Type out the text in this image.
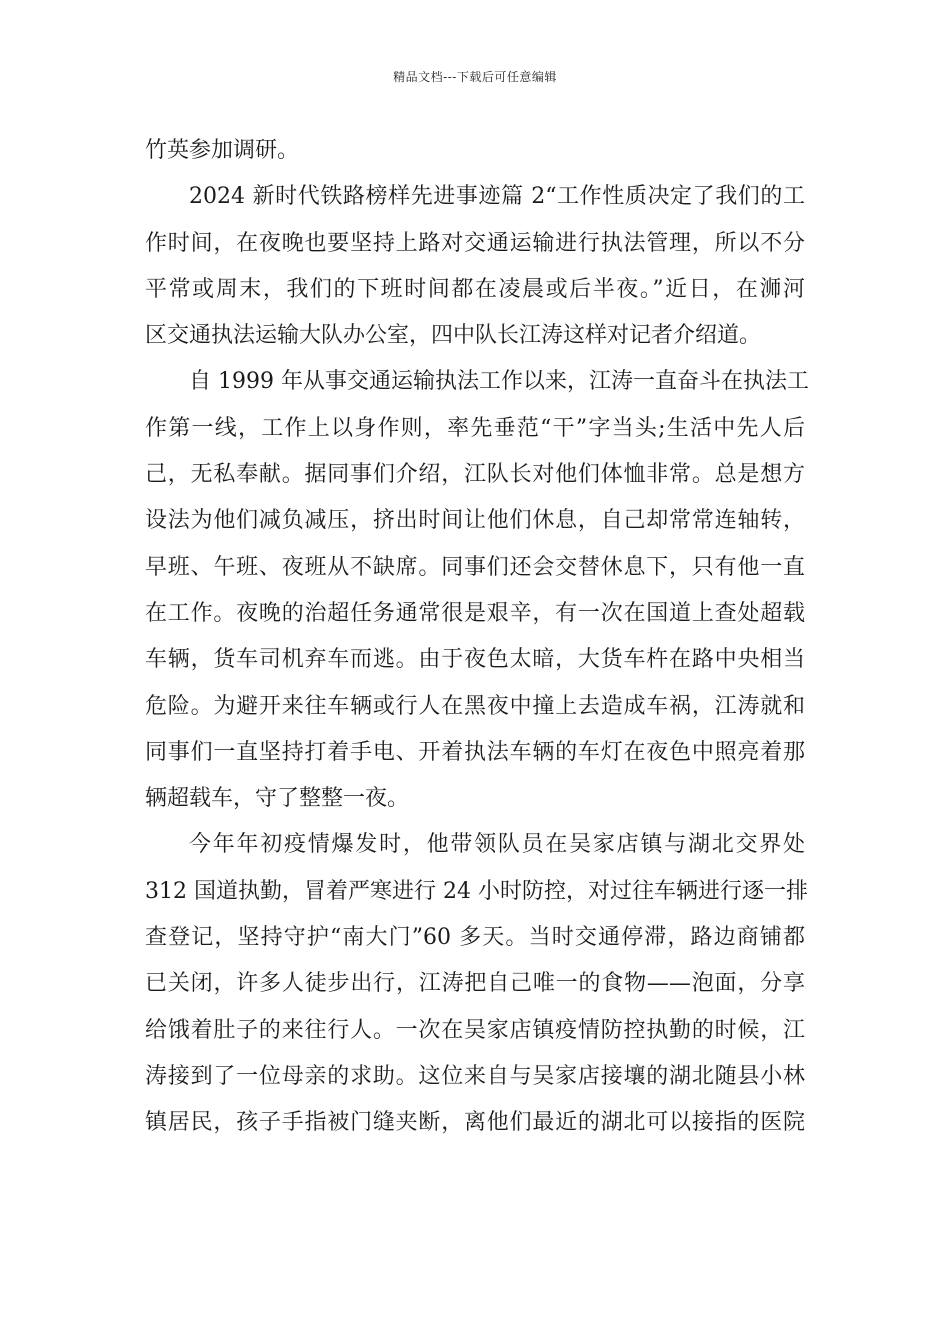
精品文档---下载后可任意编辑
竹英参加调研。
2024 新时代铁路榜样先进事迹篇 2“工作性质决定了我们的工
作时间，在夜晚也要坚持上路对交通运输进行执法管理，所以不分
平常或周末，我们的下班时间都在凌晨或后半夜。”近日，在浉河
区交通执法运输大队办公室，四中队长江涛这样对记者介绍道。
自 1999 年从事交通运输执法工作以来，江涛一直奋斗在执法工
作第一线，工作上以身作则，率先垂范“干”字当头;生活中先人后
己，无私奉献。据同事们介绍，江队长对他们体恤非常。总是想方
设法为他们减负减压，挤出时间让他们休息，自己却常常连轴转，
早班、午班、夜班从不缺席。同事们还会交替休息下，只有他一直
在工作。夜晚的治超任务通常很是艰辛，有一次在国道上查处超载
车辆，货车司机弃车而逃。由于夜色太暗，大货车杵在路中央相当
危险。为避开来往车辆或行人在黑夜中撞上去造成车祸，江涛就和
同事们一直坚持打着手电、开着执法车辆的车灯在夜色中照亮着那
辆超载车，守了整整一夜。
今年年初疫情爆发时，他带领队员在吴家店镇与湖北交界处
312 国道执勤，冒着严寒进行 24 小时防控，对过往车辆进行逐一排
查登记，坚持守护“南大门”60 多天。当时交通停滞，路边商铺都
已关闭，许多人徒步出行，江涛把自己唯一的食物——泡面，分享
给饿着肚子的来往行人。一次在吴家店镇疫情防控执勤的时候，江
涛接到了一位母亲的求助。这位来自与吴家店接壤的湖北随县小林
镇居民，孩子手指被门缝夹断，离他们最近的湖北可以接指的医院
